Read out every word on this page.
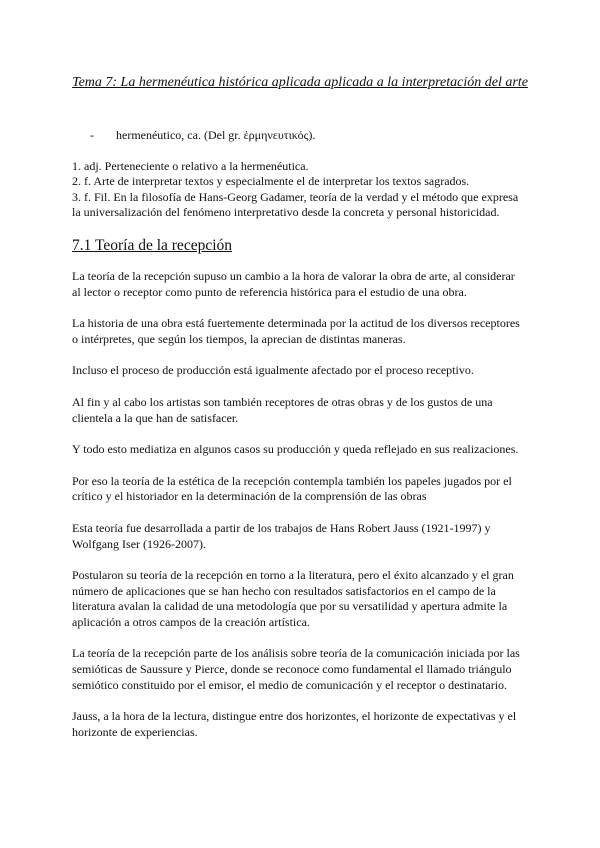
Tema 7: La hermenéutica histórica aplicada aplicada a la interpretación del arte
-	hermenéutico, ca. (Del gr. ἑρμηνευτικός).

1. adj. Perteneciente o relativo a la hermenéutica.

2. f. Arte de interpretar textos y especialmente el de interpretar los textos sagrados.

3. f. Fil. En la filosofía de Hans-Georg Gadamer, teoría de la verdad y el método que expresa la universalización del fenómeno interpretativo desde la concreta y personal historicidad.

7.1 Teoría de la recepción

La teoría de la recepción supuso un cambio a la hora de valorar la obra de arte, al considerar al lector o receptor como punto de referencia histórica para el estudio de una obra.

La historia de una obra está fuertemente determinada por la actitud de los diversos receptores o intérpretes, que según los tiempos, la aprecian de distintas maneras.

Incluso el proceso de producción está igualmente afectado por el proceso receptivo.

Al fin y al cabo los artistas son también receptores de otras obras y de los gustos de una clientela a la que han de satisfacer.

Y todo esto mediatiza en algunos casos su producción y queda reflejado en sus realizaciones.

Por eso la teoría de la estética de la recepción contempla también los papeles jugados por el crítico y el historiador en la determinación de la comprensión de las obras

Esta teoría fue desarrollada a partir de los trabajos de Hans Robert Jauss (1921-1997) y Wolfgang Iser (1926-2007).

Postularon su teoría de la recepción en torno a la literatura, pero el éxito alcanzado y el gran número de aplicaciones que se han hecho con resultados satisfactorios en el campo de la literatura avalan la calidad de una metodología que por su versatilidad y apertura admite la aplicación a otros campos de la creación artística.

La teoría de la recepción parte de los análisis sobre teoría de la comunicación iniciada por las semióticas de Saussure y Pierce, donde se reconoce como fundamental el llamado triángulo semiótico constituido por el emisor, el medio de comunicación y el receptor o destinatario.

Jauss, a la hora de la lectura, distingue entre dos horizontes, el horizonte de expectativas y el horizonte de experiencias.
